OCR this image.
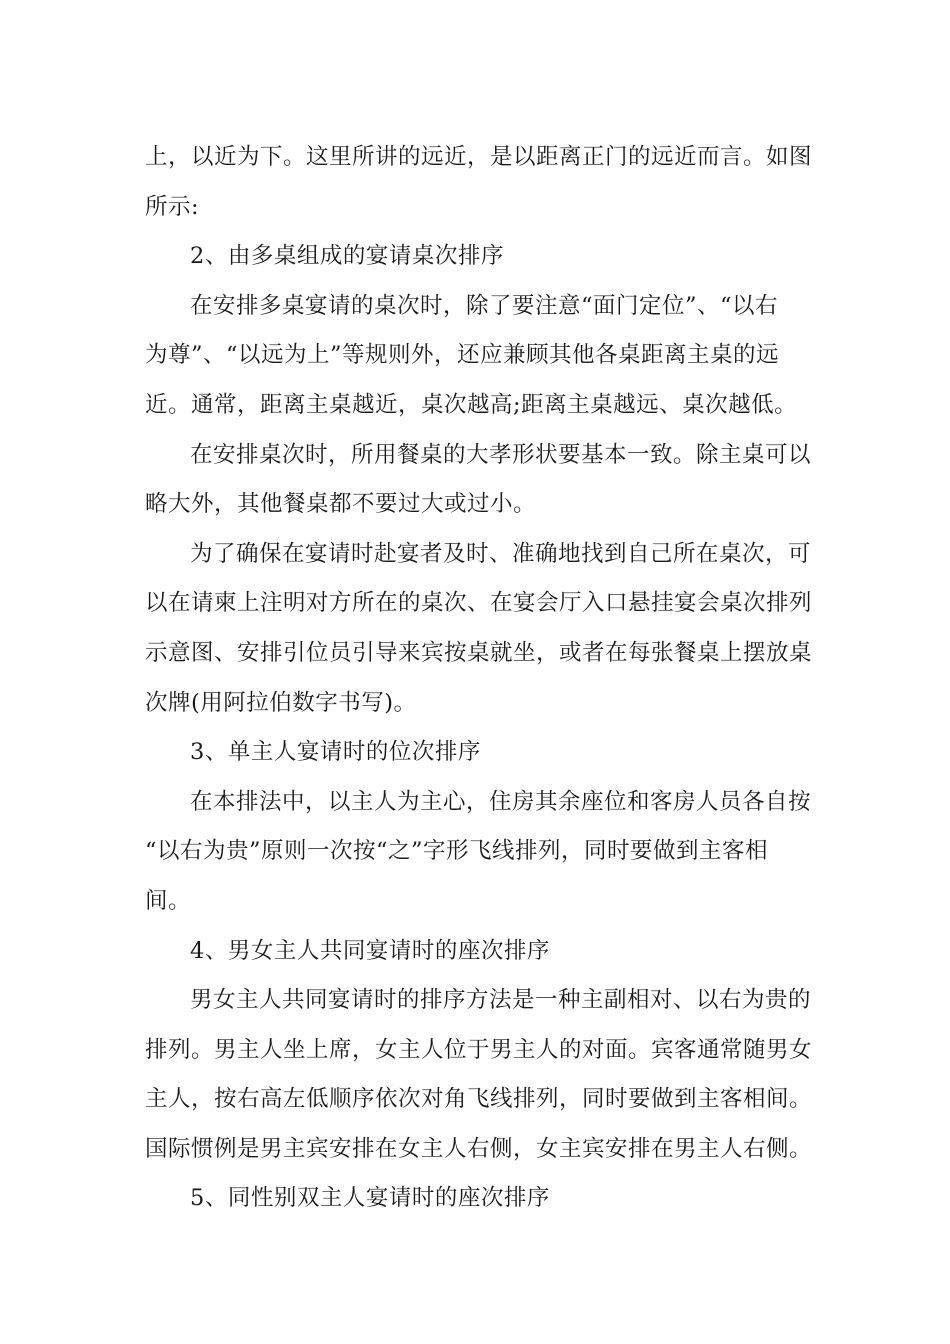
上，以近为下。这里所讲的远近，是以距离正门的远近而言。如图
所示:
2、由多桌组成的宴请桌次排序
在安排多桌宴请的桌次时，除了要注意“面门定位”、“以右
为尊”、“以远为上”等规则外，还应兼顾其他各桌距离主桌的远
近。通常，距离主桌越近，桌次越高;距离主桌越远、桌次越低。
在安排桌次时，所用餐桌的大孝形状要基本一致。除主桌可以
略大外，其他餐桌都不要过大或过小。
为了确保在宴请时赴宴者及时、准确地找到自己所在桌次，可
以在请柬上注明对方所在的桌次、在宴会厅入口悬挂宴会桌次排列
示意图、安排引位员引导来宾按桌就坐，或者在每张餐桌上摆放桌
次牌(用阿拉伯数字书写)。
3、单主人宴请时的位次排序
在本排法中，以主人为主心，住房其余座位和客房人员各自按
“以右为贵”原则一次按“之”字形飞线排列，同时要做到主客相
间。
4、男女主人共同宴请时的座次排序
男女主人共同宴请时的排序方法是一种主副相对、以右为贵的
排列。男主人坐上席，女主人位于男主人的对面。宾客通常随男女
主人，按右高左低顺序依次对角飞线排列，同时要做到主客相间。
国际惯例是男主宾安排在女主人右侧，女主宾安排在男主人右侧。
5、同性别双主人宴请时的座次排序
